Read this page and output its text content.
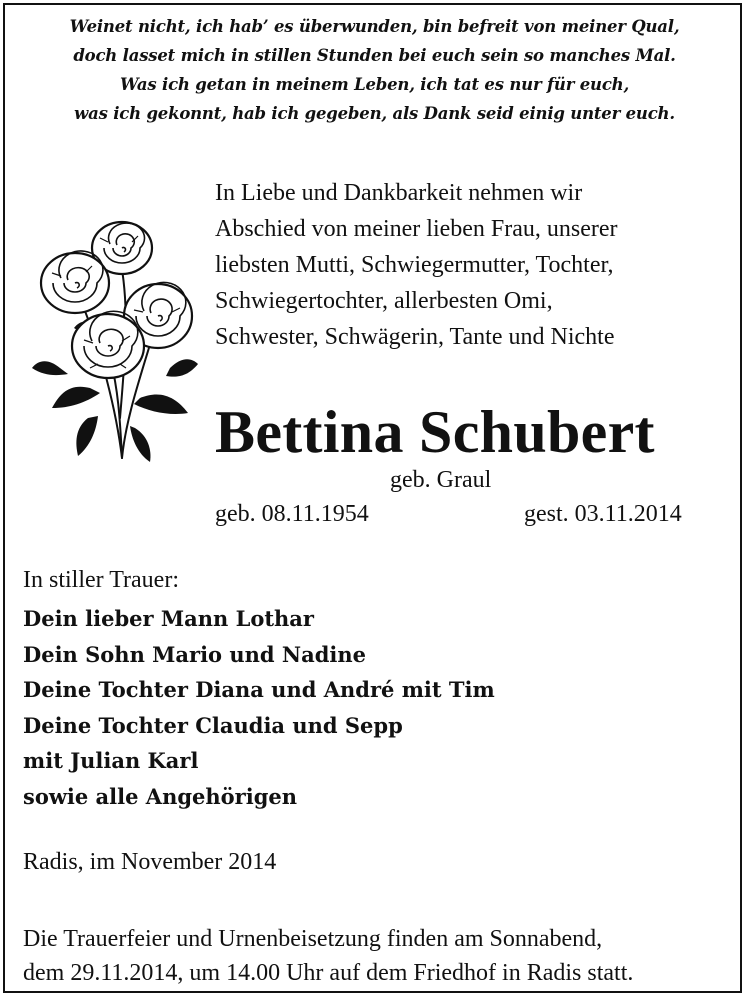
Weinet nicht, ich hab’ es überwunden, bin befreit von meiner Qual,
doch lasset mich in stillen Stunden bei euch sein so manches Mal.
Was ich getan in meinem Leben, ich tat es nur für euch,
was ich gekonnt, hab ich gegeben, als Dank seid einig unter euch.
In Liebe und Dankbarkeit nehmen wir
Abschied von meiner lieben Frau, unserer
liebsten Mutti, Schwiegermutter, Tochter,
Schwiegertochter, allerbesten Omi,
Schwester, Schwägerin, Tante und Nichte
Bettina Schubert
geb. Graul
geb. 08.11.1954	gest. 03.11.2014
In stiller Trauer:
Dein lieber Mann Lothar
Dein Sohn Mario und Nadine
Deine Tochter Diana und André mit Tim
Deine Tochter Claudia und Sepp
mit Julian Karl
sowie alle Angehörigen
Radis, im November 2014
Die Trauerfeier und Urnenbeisetzung finden am Sonnabend,
dem 29.11.2014, um 14.00 Uhr auf dem Friedhof in Radis statt.
